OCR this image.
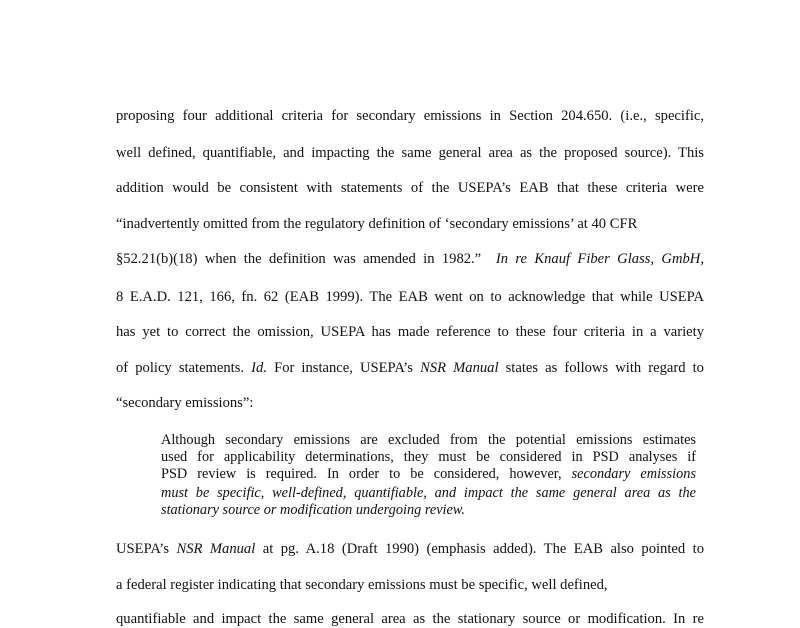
proposing four additional criteria for secondary emissions in Section 204.650. (i.e., specific,
well defined, quantifiable, and impacting the same general area as the proposed source). This
addition would be consistent with statements of the USEPA’s EAB that these criteria were
“inadvertently omitted from the regulatory definition of ‘secondary emissions’ at 40 CFR
§52.21(b)(18) when the definition was amended in 1982.” In re Knauf Fiber Glass, GmbH,
8 E.A.D. 121, 166, fn. 62 (EAB 1999). The EAB went on to acknowledge that while USEPA
has yet to correct the omission, USEPA has made reference to these four criteria in a variety
of policy statements. Id. For instance, USEPA’s NSR Manual states as follows with regard to
“secondary emissions”:
Although secondary emissions are excluded from the potential emissions estimates
used for applicability determinations, they must be considered in PSD analyses if
PSD review is required. In order to be considered, however, secondary emissions
must be specific, well-defined, quantifiable, and impact the same general area as the
stationary source or modification undergoing review.
USEPA’s NSR Manual at pg. A.18 (Draft 1990) (emphasis added). The EAB also pointed to
a federal register indicating that secondary emissions must be specific, well defined,
quantifiable and impact the same general area as the stationary source or modification. In re
